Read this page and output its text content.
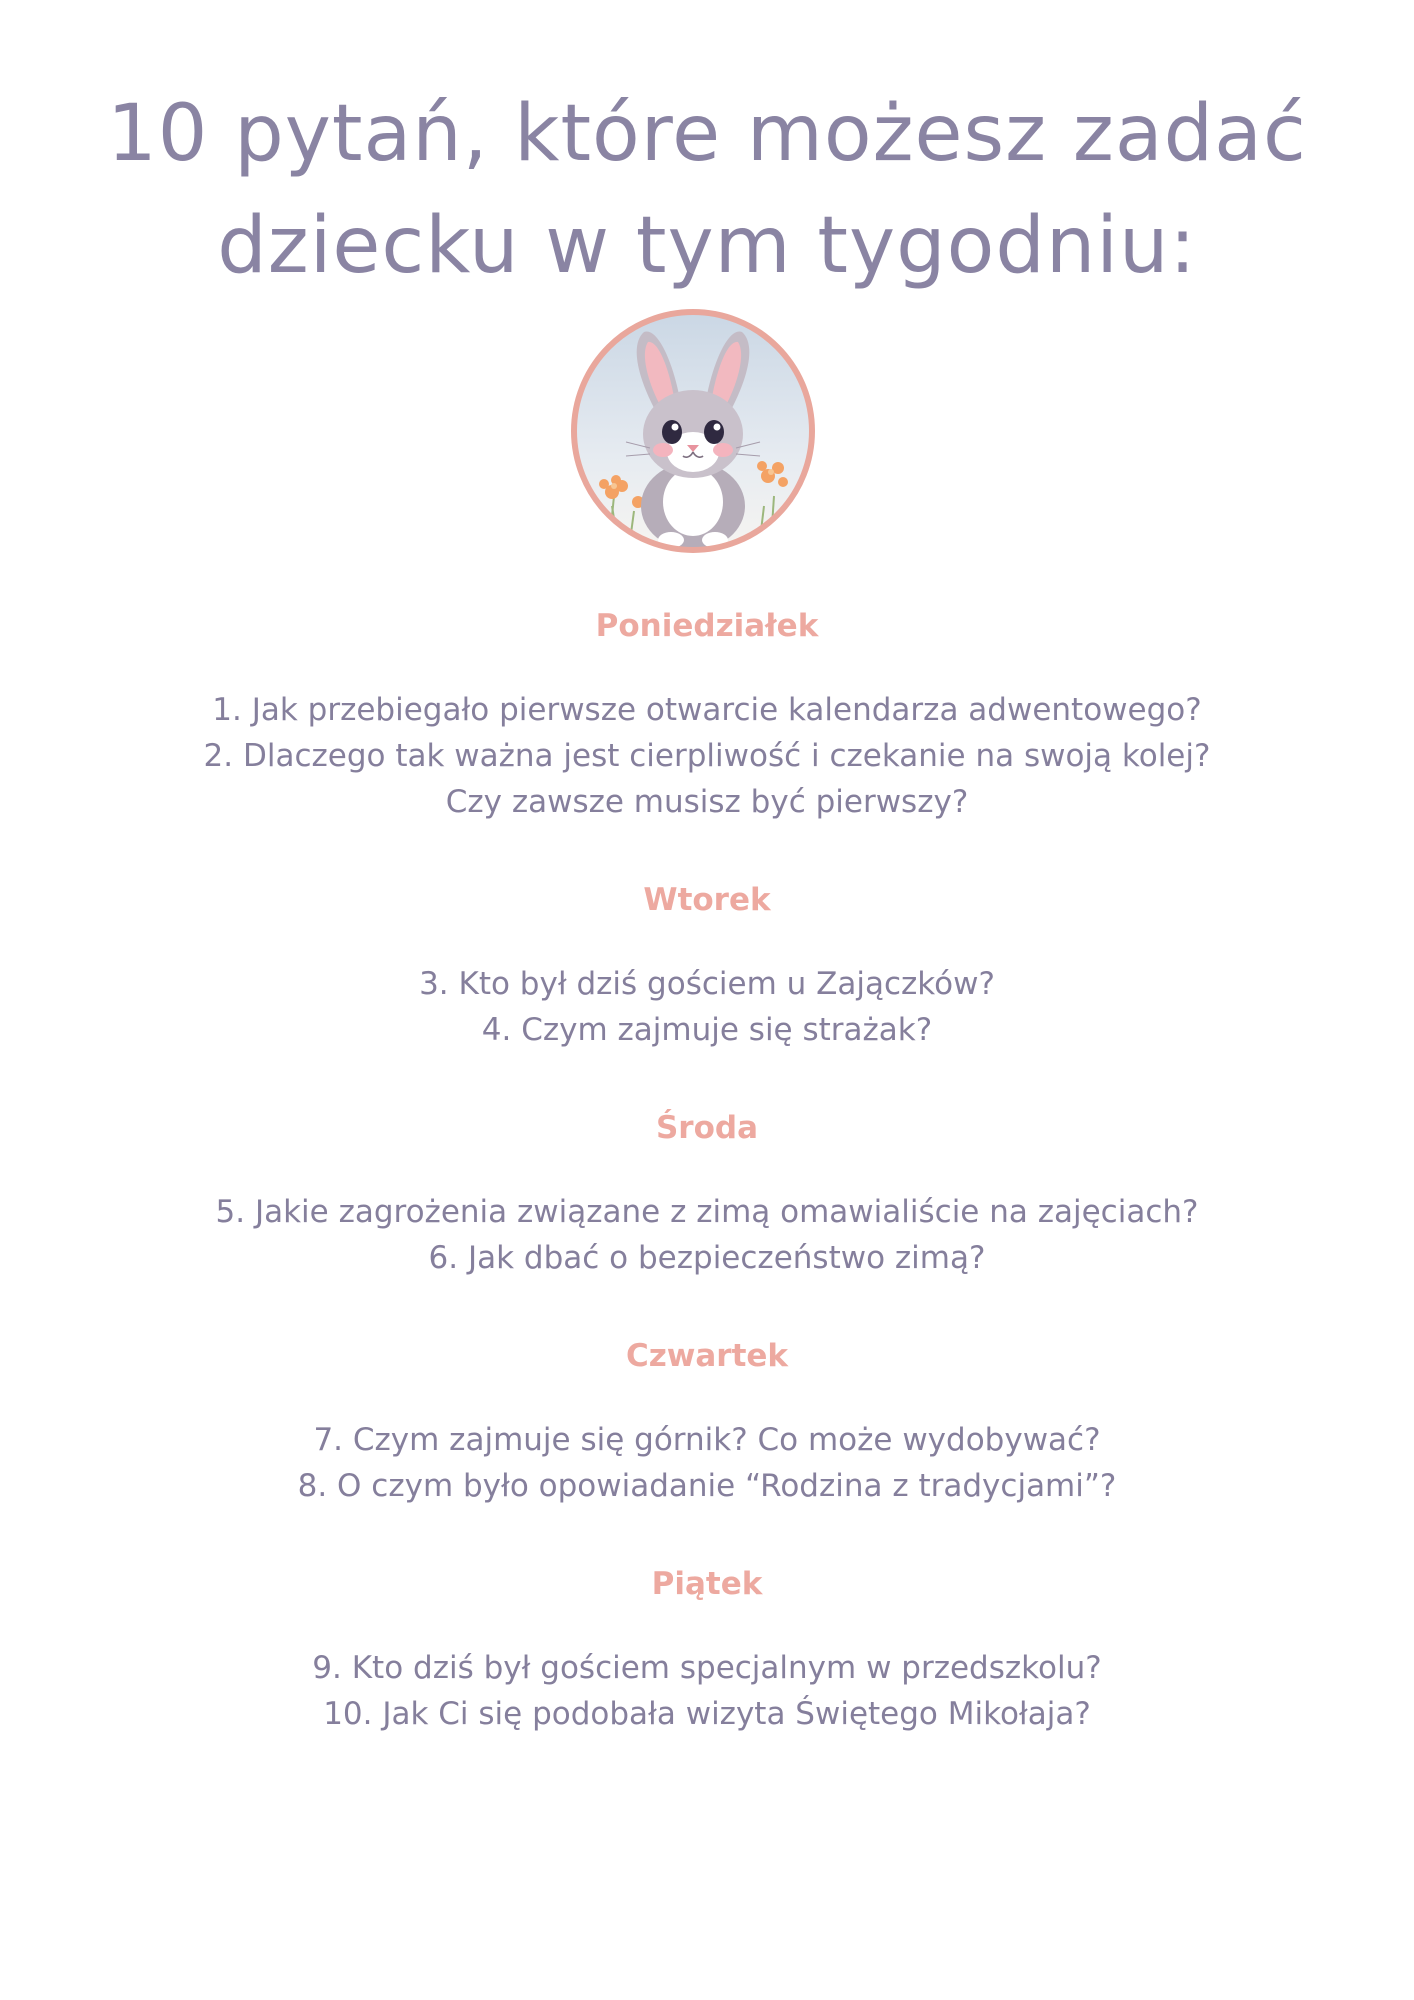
10 pytań, które możesz zadać
dziecku w tym tygodniu:
Poniedziałek
1. Jak przebiegało pierwsze otwarcie kalendarza adwentowego?
2. Dlaczego tak ważna jest cierpliwość i czekanie na swoją kolej?
Czy zawsze musisz być pierwszy?
Wtorek
3. Kto był dziś gościem u Zajączków?
4. Czym zajmuje się strażak?
Środa
5. Jakie zagrożenia związane z zimą omawialiście na zajęciach?
6. Jak dbać o bezpieczeństwo zimą?
Czwartek
7. Czym zajmuje się górnik? Co może wydobywać?
8. O czym było opowiadanie “Rodzina z tradycjami”?
Piątek
9. Kto dziś był gościem specjalnym w przedszkolu?
10. Jak Ci się podobała wizyta Świętego Mikołaja?
